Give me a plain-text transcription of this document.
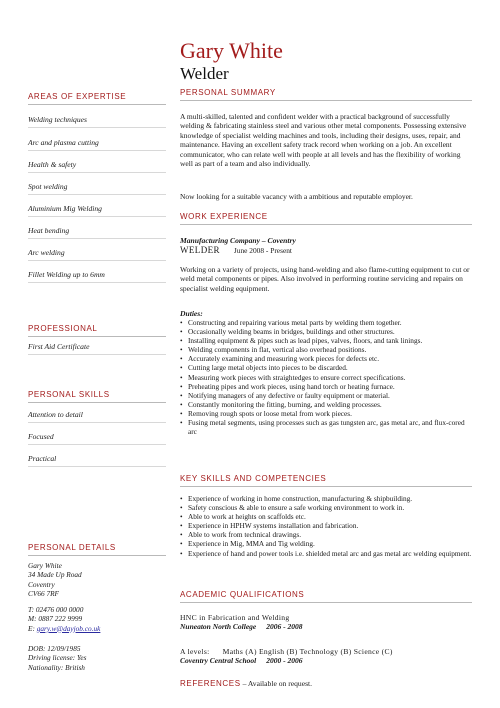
Gary White
Welder
AREAS OF EXPERTISE
Welding techniques
Arc and plasma cutting
Health & safety
Spot welding
Aluminium Mig Welding
Heat bending
Arc welding
Fillet Welding up to 6mm
PROFESSIONAL
First Aid Certificate
PERSONAL SKILLS
Attention to detail
Focused
Practical
PERSONAL DETAILS
Gary White
34 Made Up Road
Coventry
CV66 7RF
T: 02476 000 0000
M: 0887 222 9999
E: gary.w@dayjob.co.uk
DOB: 12/09/1985
Driving license: Yes
Nationality: British
PERSONAL SUMMARY
A multi-skilled, talented and confident welder with a practical background of successfully welding & fabricating stainless steel and various other metal components. Possessing extensive knowledge of specialist welding machines and tools, including their designs, uses, repair, and maintenance. Having an excellent safety track record when working on a job. An excellent communicator, who can relate well with people at all levels and has the flexibility of working well as part of a team and also individually.
Now looking for a suitable vacancy with a ambitious and reputable employer.
WORK EXPERIENCE
Manufacturing Company – Coventry
WELDER June 2008 - Present
Working on a variety of projects, using hand-welding and also flame-cutting equipment to cut or weld metal components or pipes. Also involved in performing routine servicing and repairs on specialist welding equipment.
Duties:
• Constructing and repairing various metal parts by welding them together.
• Occasionally welding beams in bridges, buildings and other structures.
• Installing equipment & pipes such as lead pipes, valves, floors, and tank linings.
• Welding components in flat, vertical also overhead positions.
• Accurately examining and measuring work pieces for defects etc.
• Cutting large metal objects into pieces to be discarded.
• Measuring work pieces with straightedges to ensure correct specifications.
• Preheating pipes and work pieces, using hand torch or heating furnace.
• Notifying managers of any defective or faulty equipment or material.
• Constantly monitoring the fitting, burning, and welding processes.
• Removing rough spots or loose metal from work pieces.
• Fusing metal segments, using processes such as gas tungsten arc, gas metal arc, and flux-cored arc
KEY SKILLS AND COMPETENCIES
• Experience of working in home construction, manufacturing & shipbuilding.
• Safety conscious & able to ensure a safe working environment to work in.
• Able to work at heights on scaffolds etc.
• Experience in HPHW systems installation and fabrication.
• Able to work from technical drawings.
• Experience in Mig, MMA and Tig welding.
• Experience of hand and power tools i.e. shielded metal arc and gas metal arc welding equipment.
ACADEMIC QUALIFICATIONS
HNC in Fabrication and Welding
Nuneaton North College 2006 - 2008
A levels:      Maths (A) English (B) Technology (B) Science (C)
Coventry Central School 2000 - 2006
REFERENCES – Available on request.
